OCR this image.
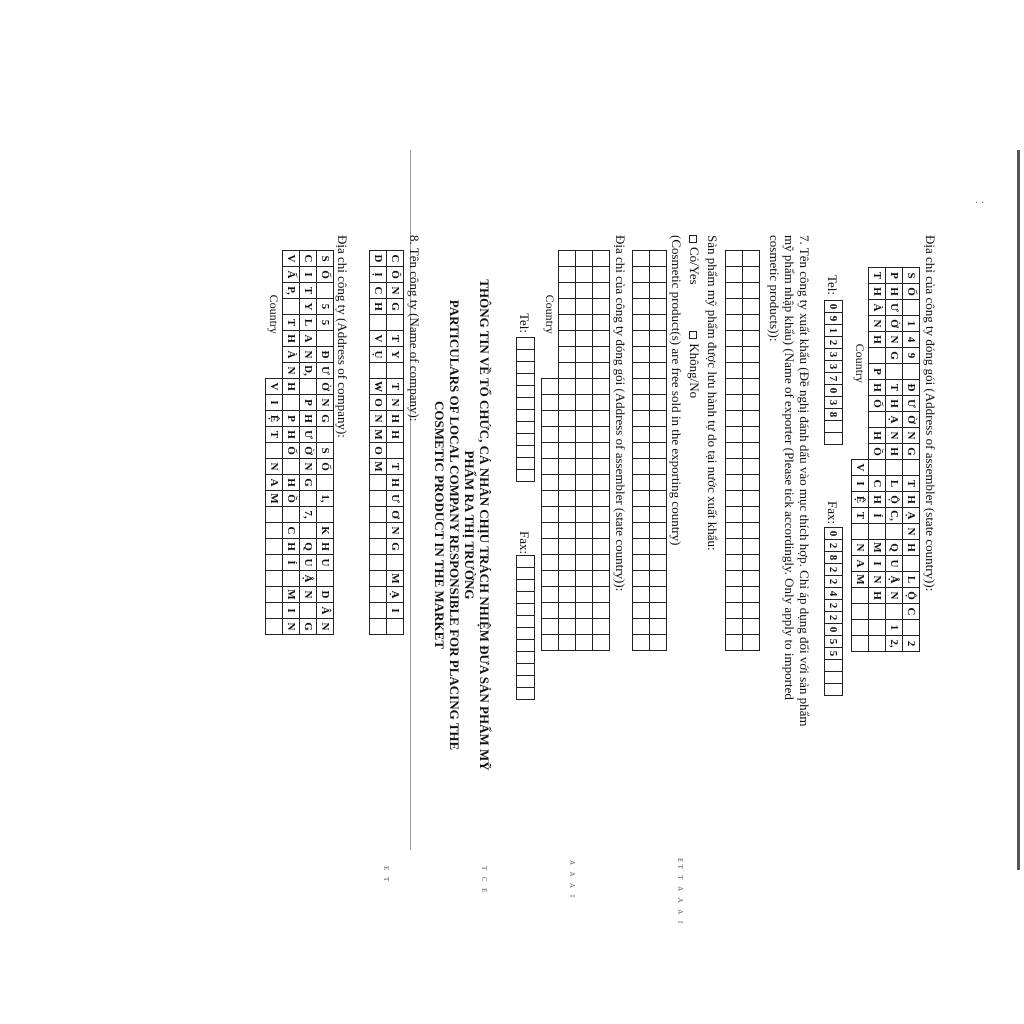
· ·
Địa chỉ của công ty đóng gói (Address of assembler (state country)):
S	Ố		1	4	9		Đ	Ư	Ờ	N	G		T	H	Ạ	N	H		L	Ộ	C		2
P	H	Ư	Ờ	N	G		T	H	Ạ	N	H		L	Ộ	C,		Q	U	Ậ	N		1	2,
T	H	À	N	H		P	H	Ố		H	Ồ		C	H	Í		M	I	N	H			
Country												V	I	Ệ	T		N	A	M				
Tel:
0	9	1	2	3	3	7	0	3	8		
Fax:
0	2	8	2	2	4	2	2	0	5	5			
7. Tên công ty xuất khẩu (Đề nghị đánh dấu vào mục thích hợp. Chỉ áp dụng đối với sản phẩm
mỹ phẩm nhập khẩu) (Name of exporter (Please tick accordingly. Only apply to imported
cosmetic products)):

Sản phẩm mỹ phẩm được lưu hành tự do tại nước xuất khẩu:
Có/Yes  Không/No
(Cosmetic product(s) are free sold in the exporting country)

Địa chỉ của công ty đóng gói (Address of assembler (state country)):

Country																								
Tel:

Fax:

THÔNG TIN VỀ TỔ CHỨC, CÁ NHÂN CHỊU TRÁCH NHIỆM ĐƯA SẢN PHẨM MỸ
PHẨM RA THỊ TRƯỜNG
PARTICULARS OF LOCAL COMPANY RESPONSIBLE FOR PLACING THE
COSMETIC PRODUCT IN THE MARKET
8. Tên công ty (Name of company):
C	Ô	N	G		T	Y		T	N	H	H		T	H	Ư	Ơ	N	G		M	Ạ	I	
D	Ị	C	H		V	Ụ		W	O	N	M	O	M										
Địa chỉ công ty (Address of company):
S	Ố		5	5		Đ	Ư	Ờ	N	G		S	Ố		1,		K	H	U		D	Â	N
C	I	T	Y	L	A	N	D,		P	H	Ư	Ờ	N	G		7,		Q	U	Ậ	N		G
V	Ấ	P,		T	H	À	N	H		P	H	Ố		H	Ồ		C	H	Í		M	I	N
Country								V	I	Ệ	T		N	A	M								
ᴇᴛ ᴛ ᴀ ᴀ ᴀ ɪ
ᴀ ᴀ ᴀ ɪ
ᴛ ᴄ ᴇ
ᴇ ᴛ
